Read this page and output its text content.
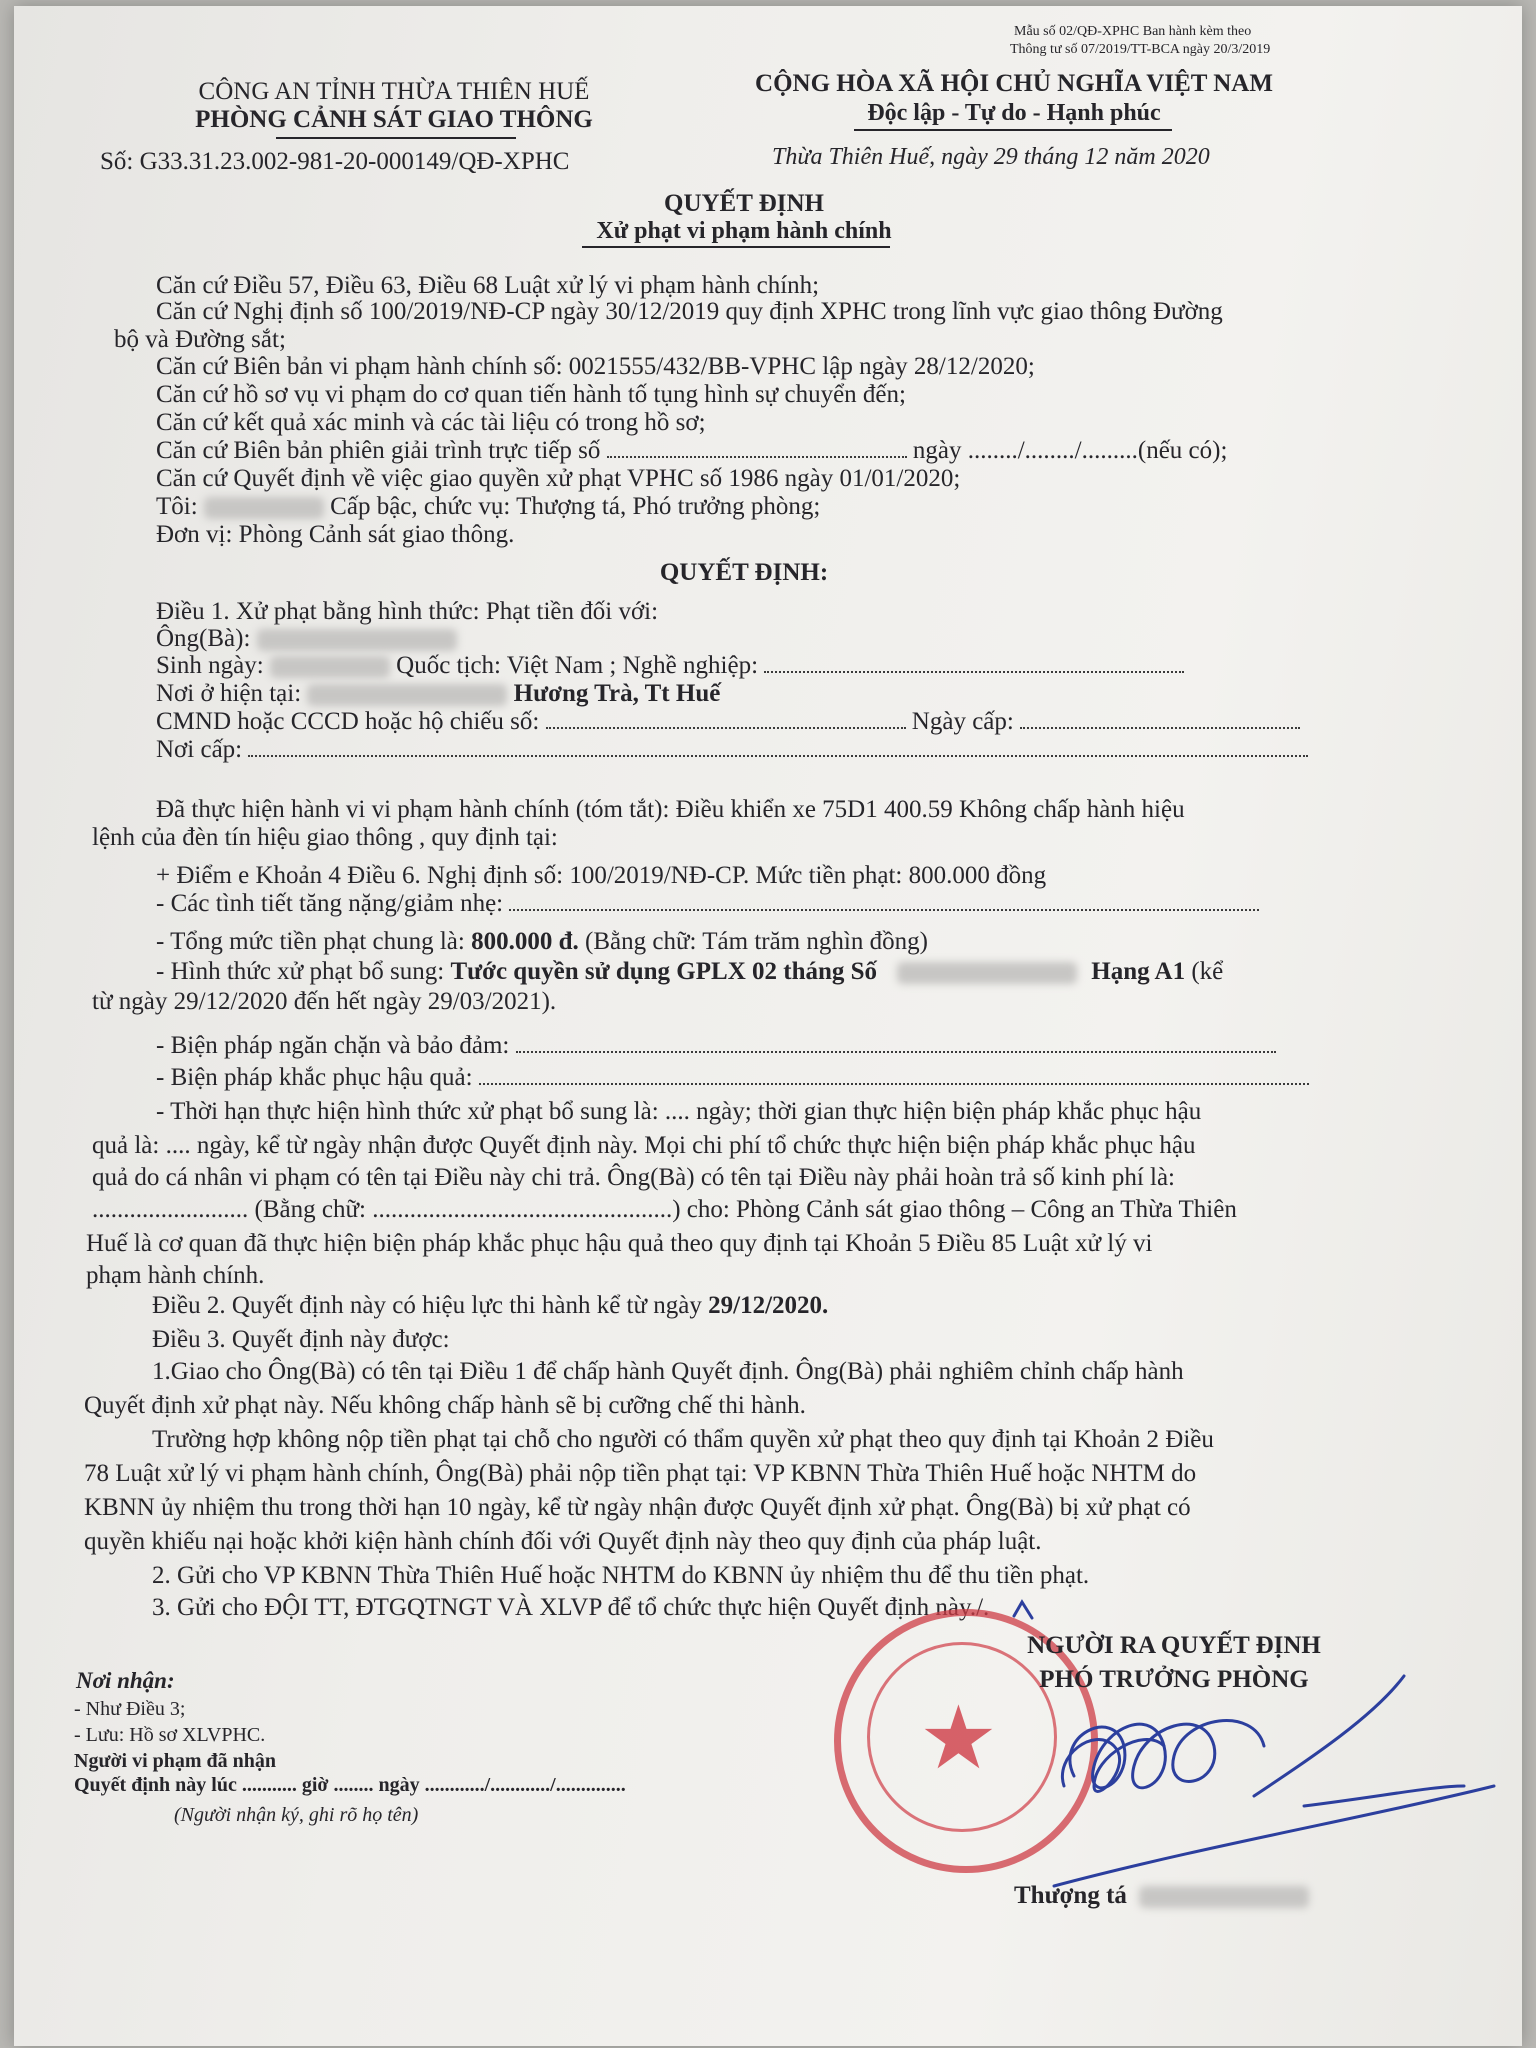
Mẫu số 02/QĐ-XPHC Ban hành kèm theo
Thông tư số 07/2019/TT-BCA ngày 20/3/2019
CÔNG AN TỈNH THỪA THIÊN HUẾ
PHÒNG CẢNH SÁT GIAO THÔNG
Số: G33.31.23.002-981-20-000149/QĐ-XPHC
CỘNG HÒA XÃ HỘI CHỦ NGHĨA VIỆT NAM
Độc lập - Tự do - Hạnh phúc
Thừa Thiên Huế, ngày 29 tháng 12 năm 2020
QUYẾT ĐỊNH
Xử phạt vi phạm hành chính
Căn cứ Điều 57, Điều 63, Điều 68 Luật xử lý vi phạm hành chính;
Căn cứ Nghị định số 100/2019/NĐ-CP ngày 30/12/2019 quy định XPHC trong lĩnh vực giao thông Đường
bộ và Đường sắt;
Căn cứ Biên bản vi phạm hành chính số: 0021555/432/BB-VPHC lập ngày 28/12/2020;
Căn cứ hồ sơ vụ vi phạm do cơ quan tiến hành tố tụng hình sự chuyển đến;
Căn cứ kết quả xác minh và các tài liệu có trong hồ sơ;
Căn cứ Biên bản phiên giải trình trực tiếp số	ngày ......../......../.........(nếu có);
Căn cứ Quyết định về việc giao quyền xử phạt VPHC số 1986 ngày 01/01/2020;
Tôi:	Cấp bậc, chức vụ: Thượng tá, Phó trưởng phòng;
Đơn vị: Phòng Cảnh sát giao thông.
QUYẾT ĐỊNH:
Điều 1. Xử phạt bằng hình thức: Phạt tiền đối với:
Ông(Bà):
Sinh ngày:	Quốc tịch: Việt Nam ; Nghề nghiệp:
Nơi ở hiện tại:	Hương Trà, Tt Huế
CMND hoặc CCCD hoặc hộ chiếu số:	Ngày cấp:
Nơi cấp:
Đã thực hiện hành vi vi phạm hành chính (tóm tắt): Điều khiển xe 75D1 400.59 Không chấp hành hiệu
lệnh của đèn tín hiệu giao thông , quy định tại:
+ Điểm e Khoản 4 Điều 6. Nghị định số: 100/2019/NĐ-CP. Mức tiền phạt: 800.000 đồng
- Các tình tiết tăng nặng/giảm nhẹ:
- Tổng mức tiền phạt chung là: 800.000 đ. (Bằng chữ: Tám trăm nghìn đồng)
- Hình thức xử phạt bổ sung: Tước quyền sử dụng GPLX 02 tháng Số	Hạng A1 (kể
từ ngày 29/12/2020 đến hết ngày 29/03/2021).
- Biện pháp ngăn chặn và bảo đảm:
- Biện pháp khắc phục hậu quả:
- Thời hạn thực hiện hình thức xử phạt bổ sung là: .... ngày; thời gian thực hiện biện pháp khắc phục hậu
quả là: .... ngày, kể từ ngày nhận được Quyết định này. Mọi chi phí tổ chức thực hiện biện pháp khắc phục hậu
quả do cá nhân vi phạm có tên tại Điều này chi trả. Ông(Bà) có tên tại Điều này phải hoàn trả số kinh phí là:
......................... (Bằng chữ: ................................................) cho: Phòng Cảnh sát giao thông – Công an Thừa Thiên
Huế là cơ quan đã thực hiện biện pháp khắc phục hậu quả theo quy định tại Khoản 5 Điều 85 Luật xử lý vi
phạm hành chính.
Điều 2. Quyết định này có hiệu lực thi hành kể từ ngày 29/12/2020.
Điều 3. Quyết định này được:
1.Giao cho Ông(Bà) có tên tại Điều 1 để chấp hành Quyết định. Ông(Bà) phải nghiêm chỉnh chấp hành
Quyết định xử phạt này. Nếu không chấp hành sẽ bị cưỡng chế thi hành.
Trường hợp không nộp tiền phạt tại chỗ cho người có thẩm quyền xử phạt theo quy định tại Khoản 2 Điều
78 Luật xử lý vi phạm hành chính, Ông(Bà) phải nộp tiền phạt tại: VP KBNN Thừa Thiên Huế hoặc NHTM do
KBNN ủy nhiệm thu trong thời hạn 10 ngày, kể từ ngày nhận được Quyết định xử phạt. Ông(Bà) bị xử phạt có
quyền khiếu nại hoặc khởi kiện hành chính đối với Quyết định này theo quy định của pháp luật.
2. Gửi cho VP KBNN Thừa Thiên Huế hoặc NHTM do KBNN ủy nhiệm thu để thu tiền phạt.
3. Gửi cho ĐỘI TT, ĐTGQTNGT VÀ XLVP để tổ chức thực hiện Quyết định này./.
Nơi nhận:
- Như Điều 3;
- Lưu: Hồ sơ XLVPHC.
Người vi phạm đã nhận
Quyết định này lúc ........... giờ ........ ngày ............/............/..............
(Người nhận ký, ghi rõ họ tên)
★
NGƯỜI RA QUYẾT ĐỊNH
PHÓ TRƯỞNG PHÒNG
Thượng tá
